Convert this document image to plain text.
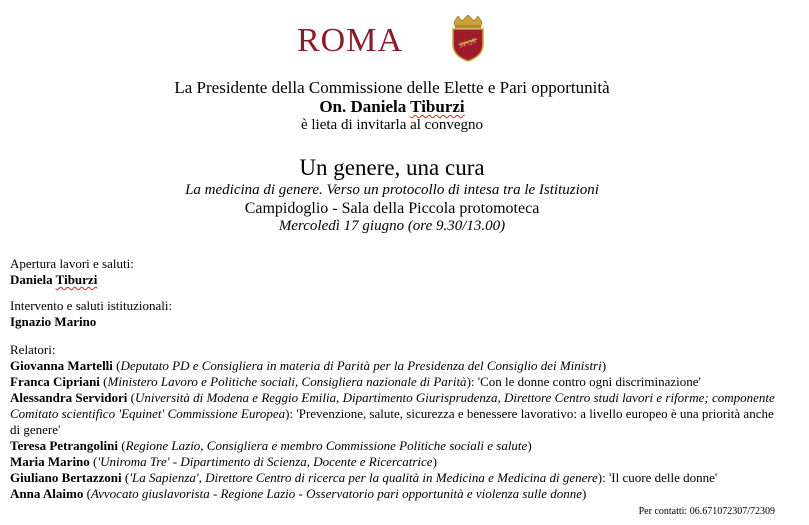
ROMA	SPQR
La Presidente della Commissione delle Elette e Pari opportunità
On. Daniela Tiburzi
è lieta di invitarla al convegno
Un genere, una cura
La medicina di genere. Verso un protocollo di intesa tra le Istituzioni
Campidoglio - Sala della Piccola protomoteca
Mercoledì 17 giugno (ore 9.30/13.00)
Apertura lavori e saluti:
Daniela Tiburzi
Intervento e saluti istituzionali:
Ignazio Marino
Relatori:
Giovanna Martelli (Deputato PD e Consigliera in materia di Parità per la Presidenza del Consiglio dei Ministri)
Franca Cipriani (Ministero Lavoro e Politiche sociali, Consigliera nazionale di Parità): 'Con le donne contro ogni discriminazione'
Alessandra Servidori (Università di Modena e Reggio Emilia, Dipartimento Giurisprudenza, Direttore Centro studi lavori e riforme; componente Comitato scientifico 'Equinet' Commissione Europea): 'Prevenzione, salute, sicurezza e benessere lavorativo: a livello europeo è una priorità anche di genere'
Teresa Petrangolini (Regione Lazio, Consigliera e membro Commissione Politiche sociali e salute)
Maria Marino ('Uniroma Tre' - Dipartimento di Scienza, Docente e Ricercatrice)
Giuliano Bertazzoni ('La Sapienza', Direttore Centro di ricerca per la qualità in Medicina e Medicina di genere): 'Il cuore delle donne'
Anna Alaimo (Avvocato giuslavorista - Regione Lazio - Osservatorio pari opportunità e violenza sulle donne)
Per contatti: 06.671072307/72309
